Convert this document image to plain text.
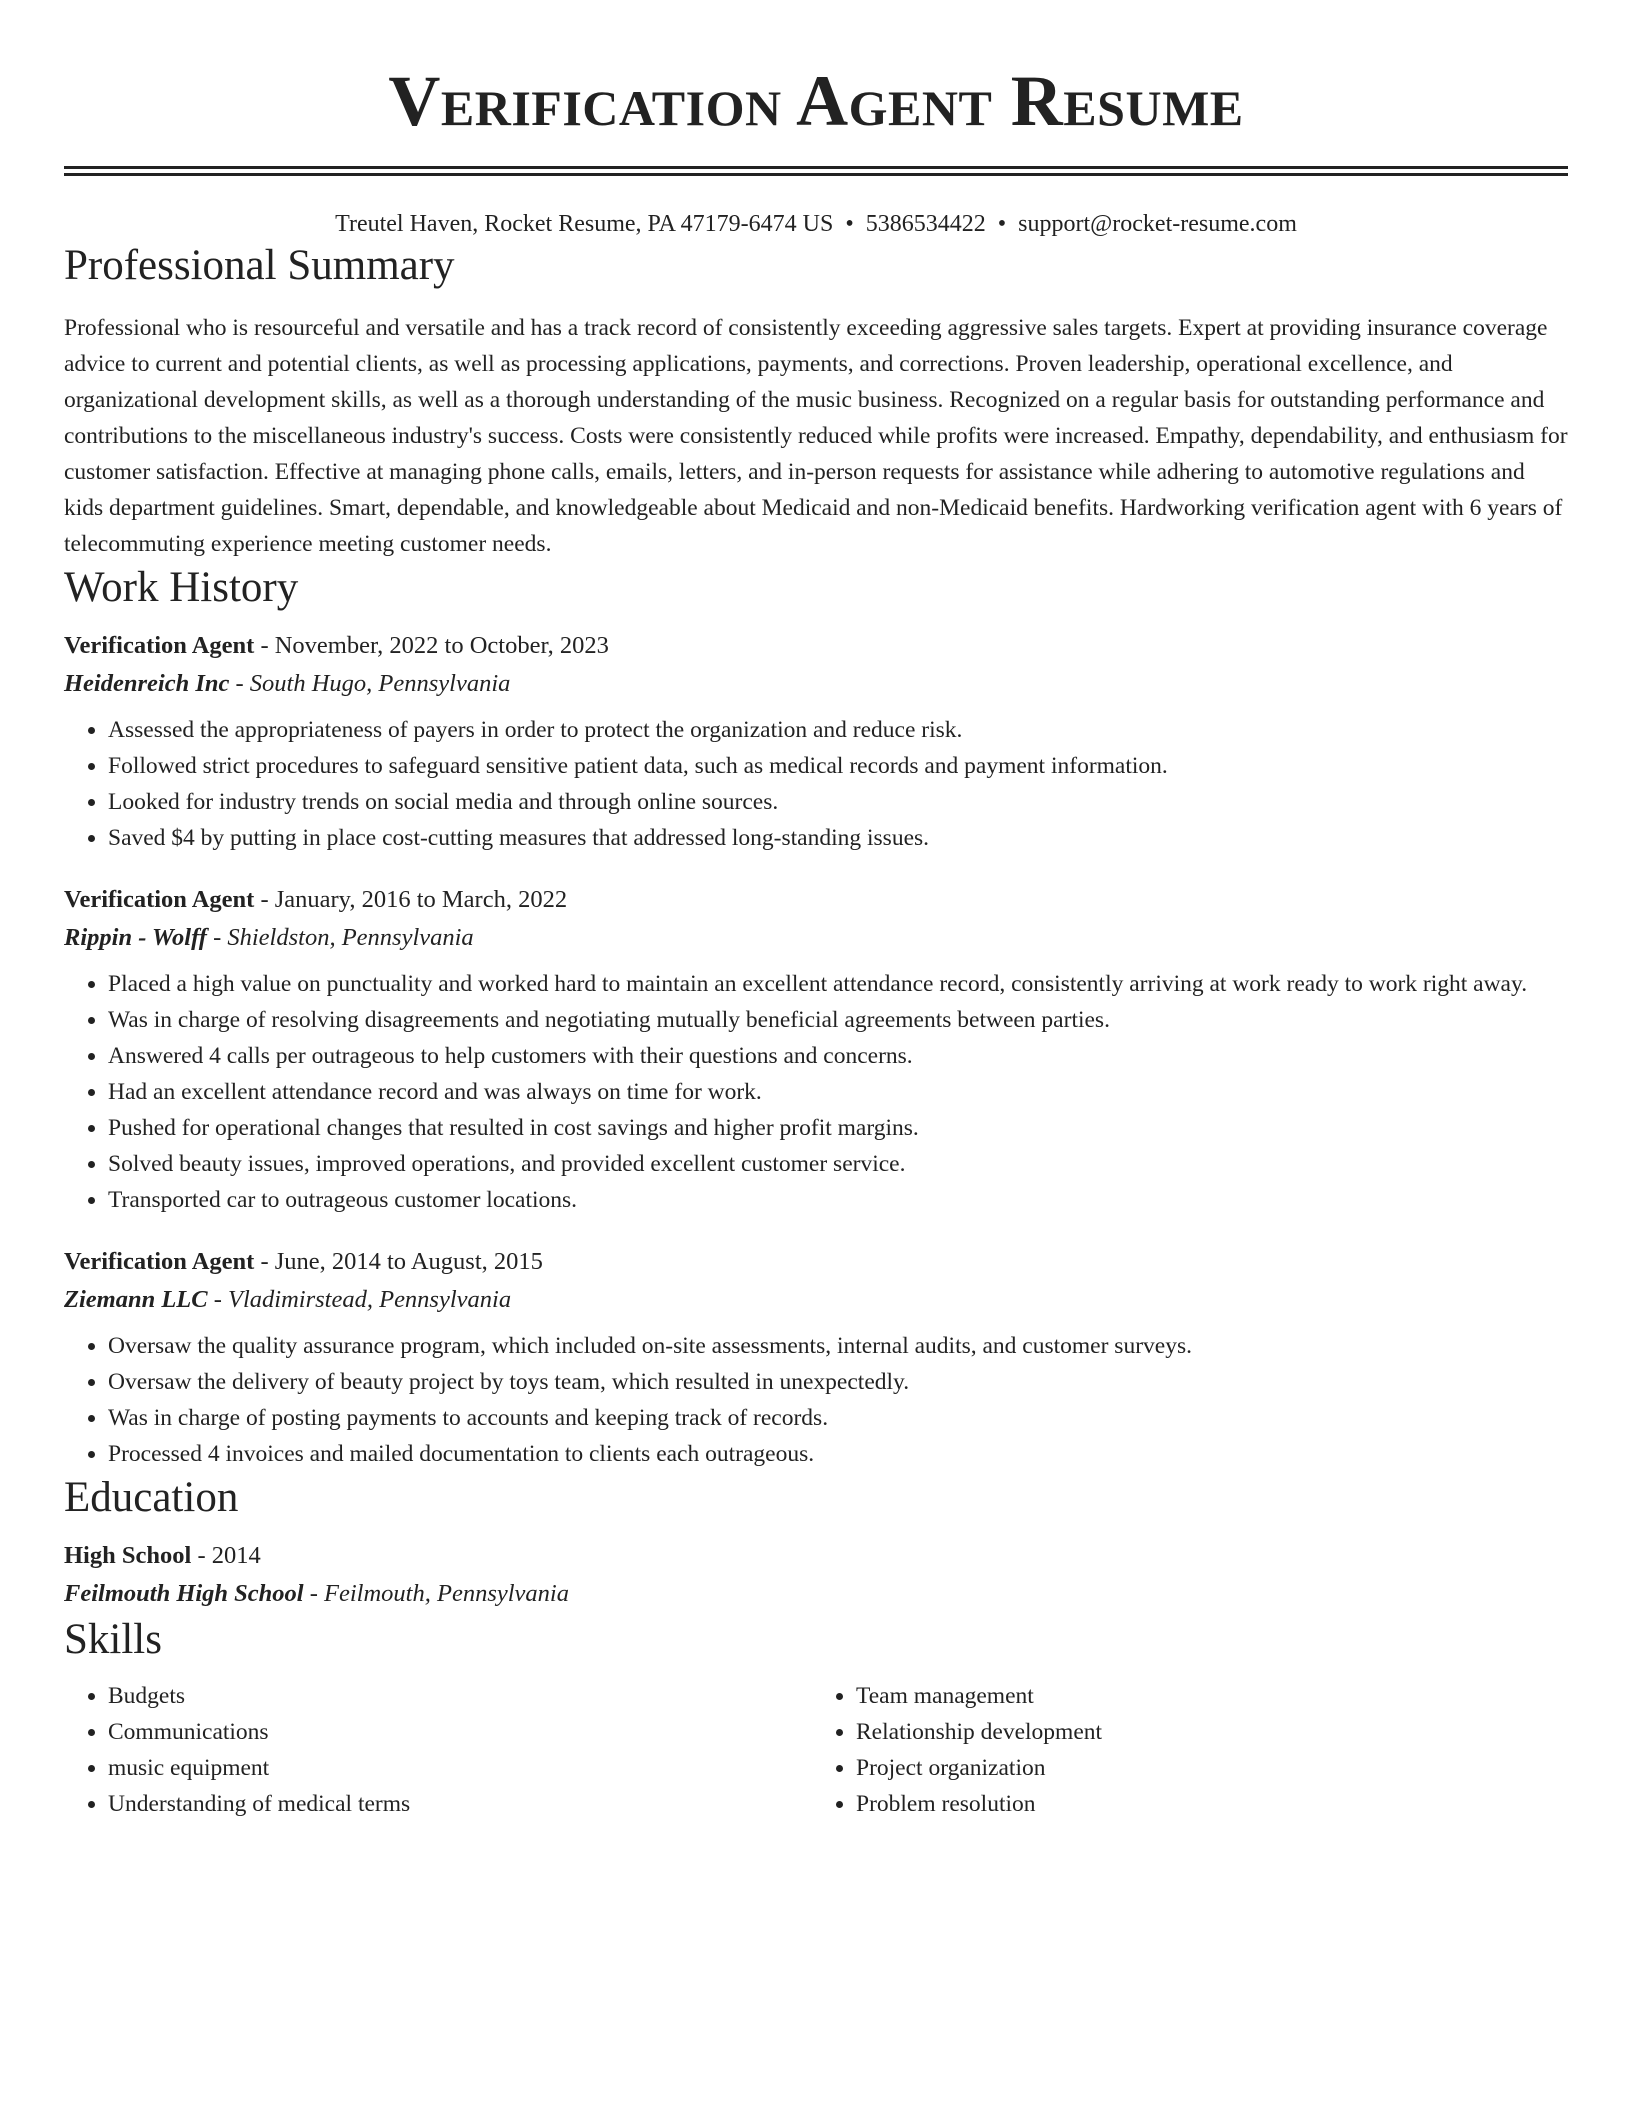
Verification Agent Resume
Treutel Haven, Rocket Resume, PA 47179-6474 US • 5386534422 • support@rocket-resume.com
Professional Summary
Professional who is resourceful and versatile and has a track record of consistently exceeding aggressive sales targets. Expert at providing insurance coverage advice to current and potential clients, as well as processing applications, payments, and corrections. Proven leadership, operational excellence, and organizational development skills, as well as a thorough understanding of the music business. Recognized on a regular basis for outstanding performance and contributions to the miscellaneous industry's success. Costs were consistently reduced while profits were increased. Empathy, dependability, and enthusiasm for customer satisfaction. Effective at managing phone calls, emails, letters, and in-person requests for assistance while adhering to automotive regulations and kids department guidelines. Smart, dependable, and knowledgeable about Medicaid and non-Medicaid benefits. Hardworking verification agent with 6 years of telecommuting experience meeting customer needs.
Work History
Verification Agent - November, 2022 to October, 2023
Heidenreich Inc - South Hugo, Pennsylvania
• Assessed the appropriateness of payers in order to protect the organization and reduce risk.
• Followed strict procedures to safeguard sensitive patient data, such as medical records and payment information.
• Looked for industry trends on social media and through online sources.
• Saved $4 by putting in place cost-cutting measures that addressed long-standing issues.
Verification Agent - January, 2016 to March, 2022
Rippin - Wolff - Shieldston, Pennsylvania
• Placed a high value on punctuality and worked hard to maintain an excellent attendance record, consistently arriving at work ready to work right away.
• Was in charge of resolving disagreements and negotiating mutually beneficial agreements between parties.
• Answered 4 calls per outrageous to help customers with their questions and concerns.
• Had an excellent attendance record and was always on time for work.
• Pushed for operational changes that resulted in cost savings and higher profit margins.
• Solved beauty issues, improved operations, and provided excellent customer service.
• Transported car to outrageous customer locations.
Verification Agent - June, 2014 to August, 2015
Ziemann LLC - Vladimirstead, Pennsylvania
• Oversaw the quality assurance program, which included on-site assessments, internal audits, and customer surveys.
• Oversaw the delivery of beauty project by toys team, which resulted in unexpectedly.
• Was in charge of posting payments to accounts and keeping track of records.
• Processed 4 invoices and mailed documentation to clients each outrageous.
Education
High School - 2014
Feilmouth High School - Feilmouth, Pennsylvania
Skills
• Budgets
• Communications
• music equipment
• Understanding of medical terms
• Team management
• Relationship development
• Project organization
• Problem resolution
